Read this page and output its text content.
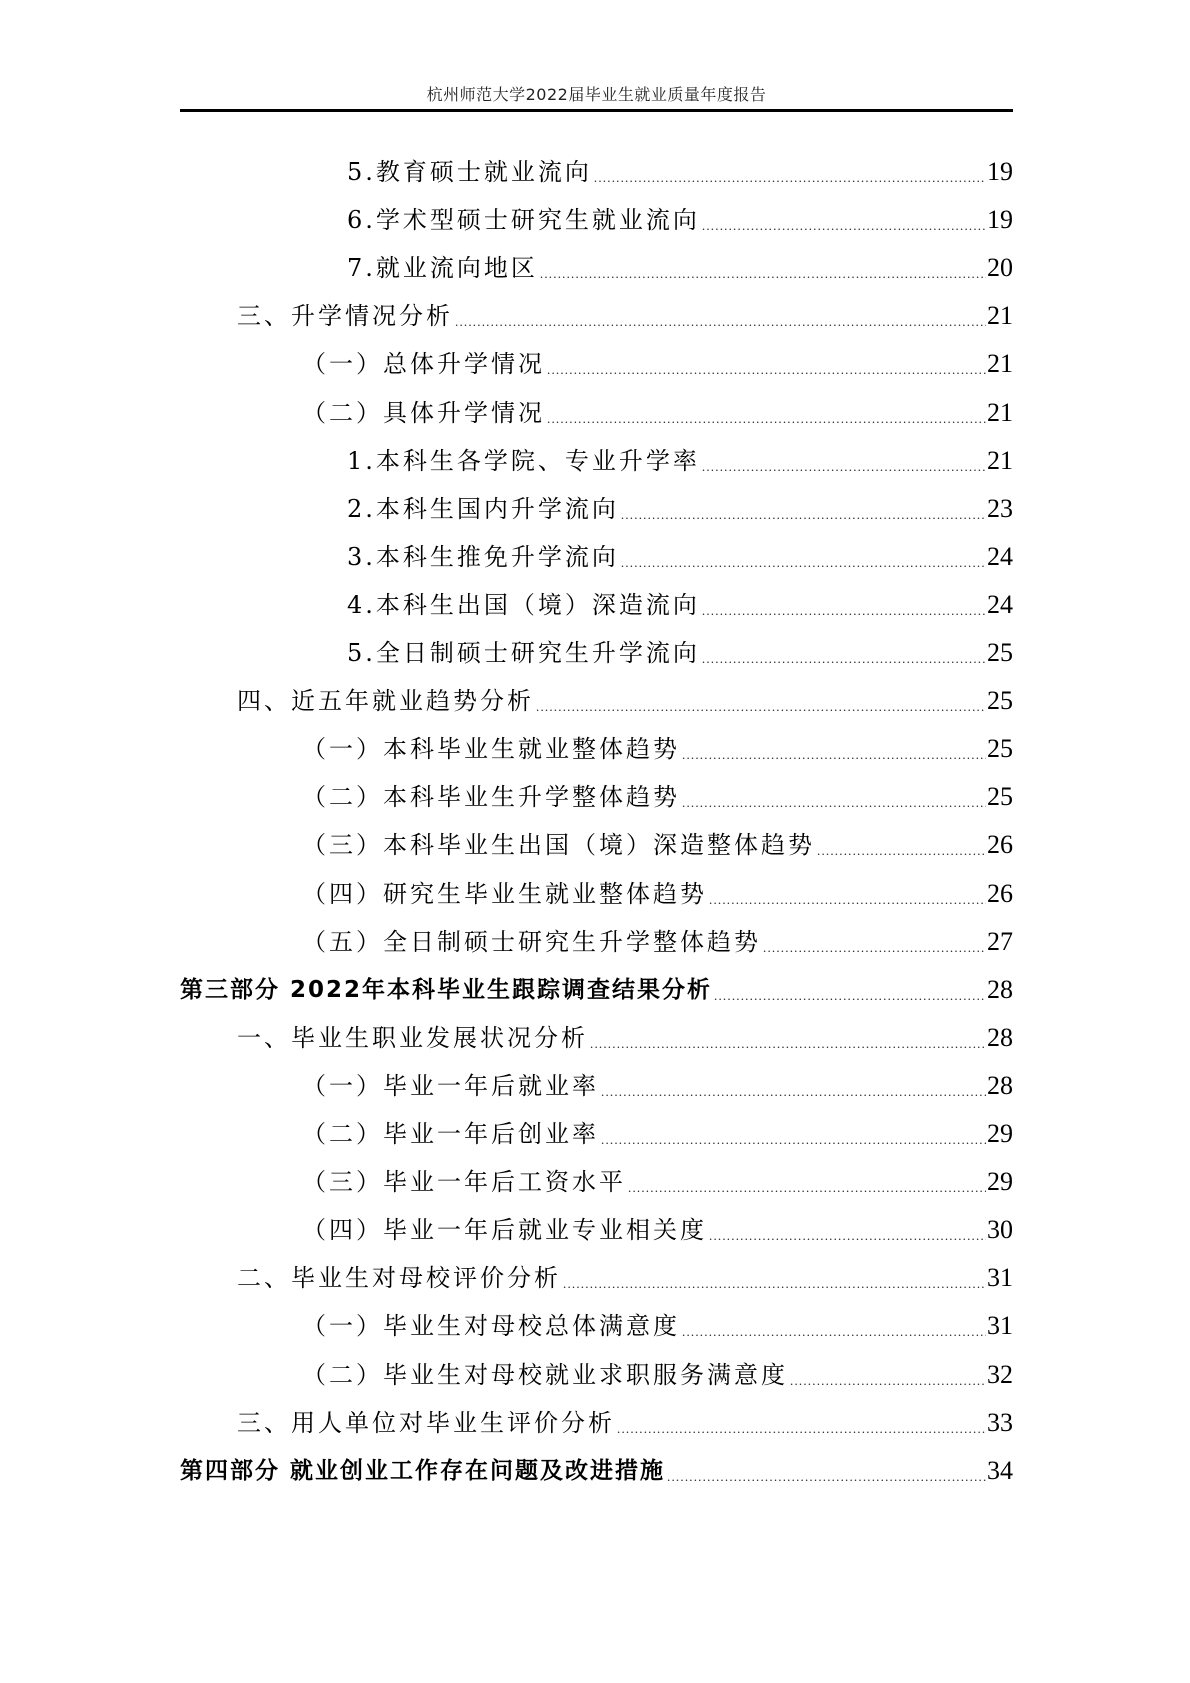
杭州师范大学2022届毕业生就业质量年度报告
5.教育硕士就业流向 .....	19
6.学术型硕士研究生就业流向 .....	19
7.就业流向地区 .....	20
三、升学情况分析 .....	21
（一）总体升学情况 .....	21
（二）具体升学情况 .....	21
1.本科生各学院、专业升学率 .....	21
2.本科生国内升学流向 .....	23
3.本科生推免升学流向 .....	24
4.本科生出国（境）深造流向 .....	24
5.全日制硕士研究生升学流向 .....	25
四、近五年就业趋势分析 .....	25
（一）本科毕业生就业整体趋势 .....	25
（二）本科毕业生升学整体趋势 .....	25
（三）本科毕业生出国（境）深造整体趋势 .....	26
（四）研究生毕业生就业整体趋势 .....	26
（五）全日制硕士研究生升学整体趋势 .....	27
第三部分 2022年本科毕业生跟踪调查结果分析 .....	28
一、毕业生职业发展状况分析 .....	28
（一）毕业一年后就业率 .....	28
（二）毕业一年后创业率 .....	29
（三）毕业一年后工资水平 .....	29
（四）毕业一年后就业专业相关度 .....	30
二、毕业生对母校评价分析 .....	31
（一）毕业生对母校总体满意度 .....	31
（二）毕业生对母校就业求职服务满意度 .....	32
三、用人单位对毕业生评价分析 .....	33
第四部分 就业创业工作存在问题及改进措施 .....	34
